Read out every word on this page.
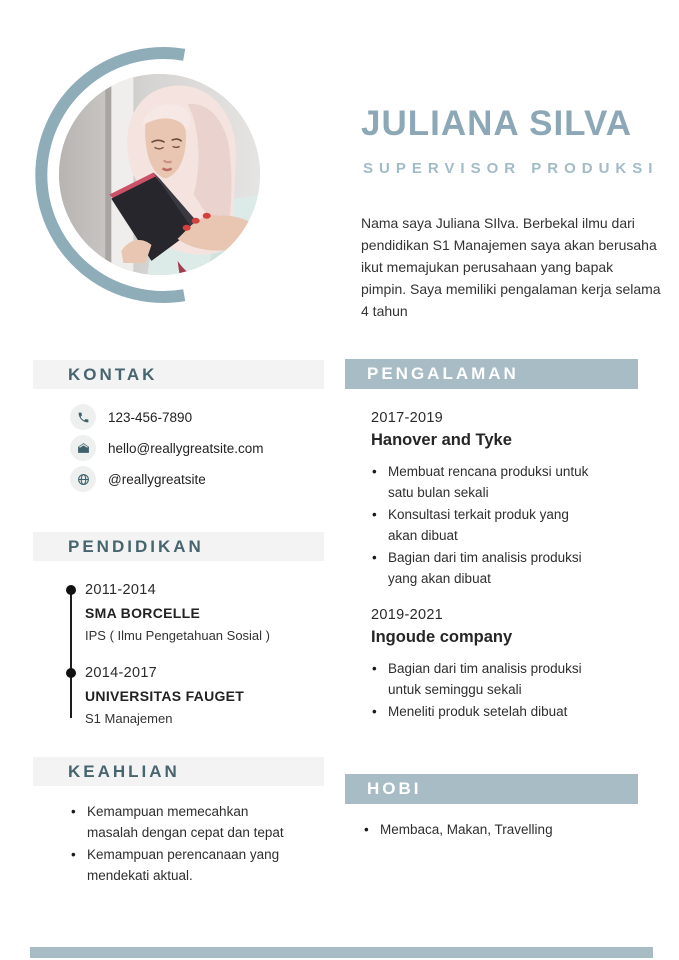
JULIANA SILVA
SUPERVISOR PRODUKSI
Nama saya Juliana SIlva. Berbekal ilmu dari pendidikan S1 Manajemen saya akan berusaha ikut memajukan perusahaan yang bapak pimpin. Saya memiliki pengalaman kerja selama 4 tahun
KONTAK
123-456-7890
hello@reallygreatsite.com
@reallygreatsite
PENDIDIKAN
2011-2014
SMA BORCELLE
IPS ( Ilmu Pengetahuan Sosial )
2014-2017
UNIVERSITAS FAUGET
S1 Manajemen
KEAHLIAN
• Kemampuan memecahkan masalah dengan cepat dan tepat
• Kemampuan perencanaan yang mendekati aktual.
PENGALAMAN
2017-2019
Hanover and Tyke
• Membuat rencana produksi untuk satu bulan sekali
• Konsultasi terkait produk yang akan dibuat
• Bagian dari tim analisis produksi yang akan dibuat
2019-2021
Ingoude company
• Bagian dari tim analisis produksi untuk seminggu sekali
• Meneliti produk setelah dibuat
HOBI
• Membaca, Makan, Travelling
